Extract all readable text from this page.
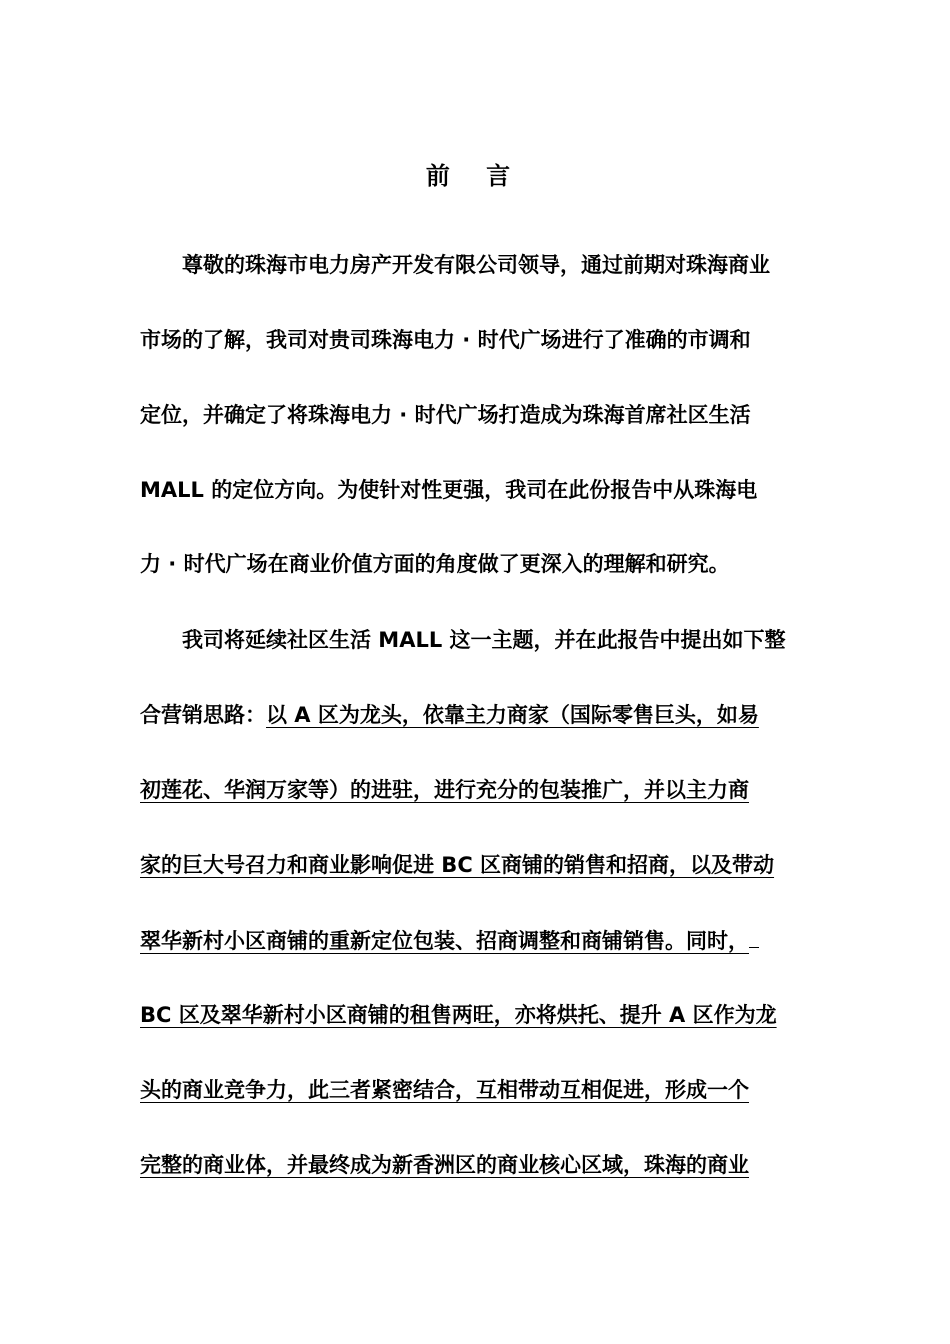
前 言
尊敬的珠海市电力房产开发有限公司领导，通过前期对珠海商业
市场的了解，我司对贵司珠海电力 · 时代广场进行了准确的市调和
定位，并确定了将珠海电力 · 时代广场打造成为珠海首席社区生活
MALL 的定位方向。为使针对性更强，我司在此份报告中从珠海电
力 · 时代广场在商业价值方面的角度做了更深入的理解和研究。
我司将延续社区生活 MALL 这一主题，并在此报告中提出如下整
合营销思路：以 A 区为龙头，依靠主力商家（国际零售巨头，如易
初莲花、华润万家等）的进驻，进行充分的包装推广，并以主力商
家的巨大号召力和商业影响促进 BC 区商铺的销售和招商，以及带动
翠华新村小区商铺的重新定位包装、招商调整和商铺销售。同时，
BC 区及翠华新村小区商铺的租售两旺，亦将烘托、提升 A 区作为龙
头的商业竞争力，此三者紧密结合，互相带动互相促进，形成一个
完整的商业体，并最终成为新香洲区的商业核心区域，珠海的商业
